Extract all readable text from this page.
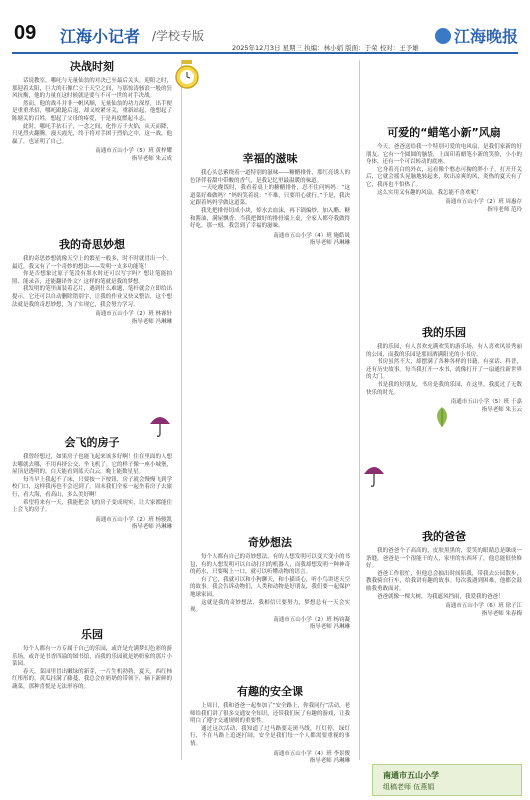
09 江海小记者 /学校专版
2025年12月3日 星期三 执编：林小娟 版面：于荣 校对：王予雄
江海晚报
决战时刻

话说教室，哪吒与无量仙翁的对决已至最后关头。迎阳之时，那迎着太阳，巨大的石像伫立于天空之间，与那惊涛骇浪一般的狂风抗衡，他的力量在这时候就是要与不可一世的对手决战。

然而，他的战斗并非一帆风顺，无量仙翁的功力深厚，出手便是重重杀招，哪吒踉跄后退，却又咬紧牙关，重新站起，他想起了陈塘关的百姓，想起了父母的疼爱，于是再度燃起斗志。

此时，哪吒手拈石子，一念之间，化作万千火焰，从天而降，只见烈火翻腾，漫天霞光，终于将对手困于烈焰之中，这一战，他赢了，也证明了自己。

南通市五山小学（5）班 黄梓耀
指导老师 朱云成
我的奇思妙想

我的奇思妙想就像天空上的繁星一般多，时不时就冒出一个。最近，我又有了一个奇妙的想法——发明一支多功能笔！

你是否想象过原子笔没有墨水时还可以写字吗？想让笔能拍照、能录音，还能翻译外文？这样的笔就是我的梦想。

我发明的笔里面装着芯片，遇到什么难题，笔杆就会立即给出提示，它还可以自动删除错别字，让我的作业又快又整洁，这个想法就是我的奇思妙想，为了实现它，我会努力学习。

南通市五山小学（2）班 林睿轩
指导老师 冯琳琳
会飞的房子

我曾经想过，如果房子也能飞起来该多好啊！住在里面的人想去哪就去哪，不用再挤公交、坐飞机了。它的样子像一座小城堡，屋顶是透明的，白天能看到蓝天白云，晚上能数星星。

每当早上我起不了床，只要按一下按钮，房子就会慢慢飞到学校门口，这样我再也不会迟到了。周末我们全家一起坐着房子去旅行，看大海，看高山，多么美好啊！

希望将来有一天，我能把会飞的房子变成现实，让大家都能住上会飞的房子。

南通市五山小学（2）班 杨骏凯
指导老师 冯琳琳
乐园

每个人都有一方专属于自己的乐园，或许是充满梦幻色彩的游乐场，或许是书香四溢的图书馆，而我的乐园就是奶奶家的那片小菜园。

春天，菜园里冒出嫩绿的新芽，一片生机勃勃，夏天，西红柿红彤彤的，黄瓜挂满了藤蔓，我总会在奶奶的带领下，摘下新鲜的蔬菜，那种喜悦是无法形容的。

幸福的滋味

我心头总萦绕着一道特别的滋味——糖醋排骨，那红亮诱人的色泽伴着甜中带酸的香气，是我记忆里最温暖的味道。

一天吃晚饭时，我看着桌上的糖醋排骨，忍不住问妈妈：“这道菜好难做吗？”妈妈笑着说：“不难，只要用心就行。”于是，我决定跟着妈妈学做这道菜。

我先把排骨切成小块，焯水去血沫，再下锅煸炒，加入醋、糖和酱油，满屋飘香。当我把做好的排骨端上桌，全家人都夸我做得好吃，那一刻，我尝到了幸福的滋味。

南通市五山小学（4）班 施皓晟
指导老师 冯琳琳
奇妙想法

每个人都有自己的奇妙想法，有的人想发明可以变大变小的书包，有的人想发明可以自动打扫的机器人，而我却想发明一种神奇的药水，只要喝上一口，就可以听懂动物的语言。

有了它，我就可以和小狗聊天，和小猫谈心，听小鸟讲述天空的故事。我会告诉动物们，人类和动物是好朋友，我们要一起保护地球家园。

这就是我的奇妙想法，我相信只要努力，梦想总有一天会实现。

南通市五山小学（2）班 杨钧凝
指导老师 冯琳琳
有趣的安全课

上周日，我和爸爸一起参加了“安全路上，你我同行”活动，老师给我们讲了很多交通安全知识，还带我们玩了有趣的游戏，让我明白了遵守交通规则的重要性。

通过这次活动，我知道了过马路要走斑马线，红灯停，绿灯行，不在马路上追逐打闹，安全是我们每一个人都需要重视的事情。

南通市五山小学（4）班 李景俊
指导老师 冯琳琳
可爱的“蜡笔小新”风扇

今天，爸爸送给我一个特别可爱的电风扇，是我们家新的好朋友。它有一个圆圆的脑袋，上面印着蜡笔小新的笑脸，小小的身体，还有一个可以转动的底座。

它身着亮白的外衣，远看像个憨态可掬的胖小子，打开开关后，它就会摇头晃脑地转起来，吹出凉爽的风，炎热的夏天有了它，我再也不怕热了。

这么实用又有趣的风扇，我怎能不喜欢呢！

南通市五山小学（2）班 周惠存
指导老师 范玲
我的乐园

我的乐园，有人喜欢充满欢笑的游乐场，有人喜欢风景秀丽的公园，而我的乐园是那间洒满阳光的小书房。

书房虽然不大，却摆满了各种各样的书籍，有童话、科普，还有历史故事。每当我打开一本书，就像打开了一扇通往新世界的大门。

书是我的好朋友，书房是我的乐园，在这里，我度过了无数快乐的时光。

南通市五山小学（5）班 于嘉
指导老师 朱玉云
我的爸爸

我的爸爸个子高高的，皮肤黑黑的，爱笑的眼睛总是眯成一条缝。爸爸是一个很能干的人，家里的东西坏了，他总能很快修好。

爸爸工作很忙，但他总会抽出时间陪我，带我去公园散步，教我骑自行车，给我讲有趣的故事。每次我遇到困难，他都会鼓励我勇敢面对。

爸爸就像一棵大树，为我遮风挡雨，我爱我的爸爸！

南通市五山小学（6）班 徐子江
指导老师 朱春梅
南通市五山小学
组稿老师 伍燕娟
